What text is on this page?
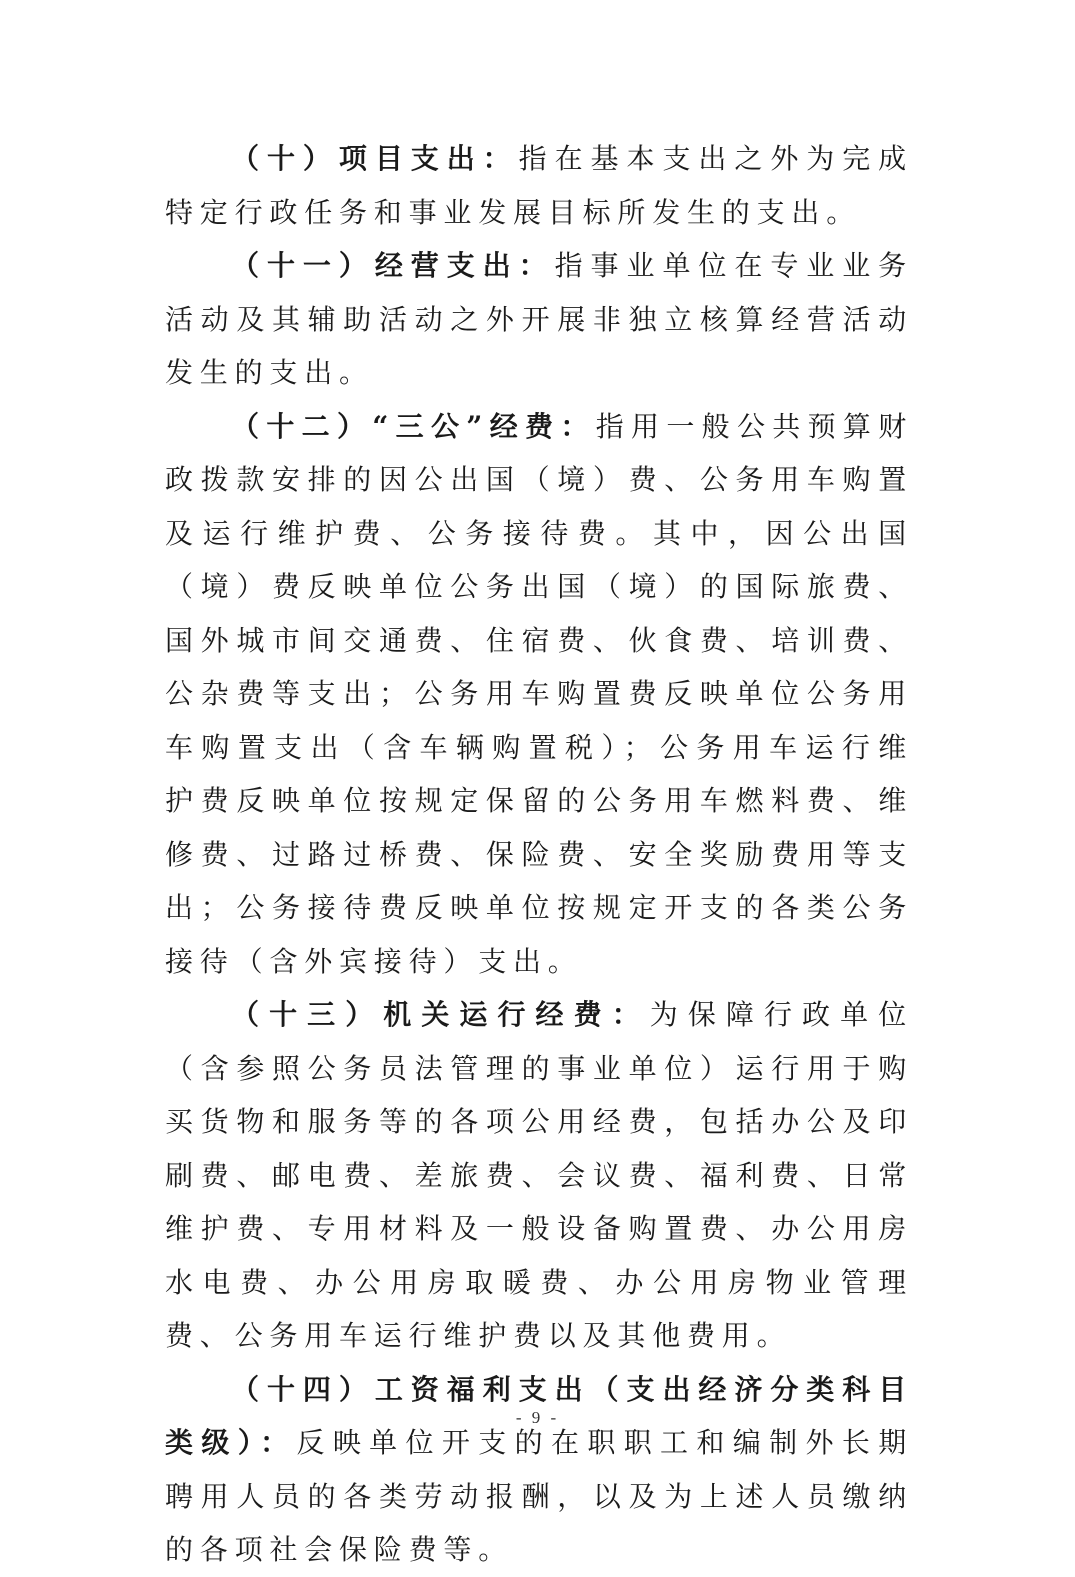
（十）项目支出：指在基本支出之外为完成特定行政任务和事业发展目标所发生的支出。

（十一）经营支出：指事业单位在专业业务活动及其辅助活动之外开展非独立核算经营活动发生的支出。

（十二）“三公”经费：指用一般公共预算财政拨款安排的因公出国（境）费、公务用车购置及运行维护费、公务接待费。其中，因公出国（境）费反映单位公务出国（境）的国际旅费、国外城市间交通费、住宿费、伙食费、培训费、公杂费等支出；公务用车购置费反映单位公务用车购置支出（含车辆购置税）；公务用车运行维护费反映单位按规定保留的公务用车燃料费、维修费、过路过桥费、保险费、安全奖励费用等支出；公务接待费反映单位按规定开支的各类公务接待（含外宾接待）支出。

（十三）机关运行经费：为保障行政单位（含参照公务员法管理的事业单位）运行用于购买货物和服务等的各项公用经费，包括办公及印刷费、邮电费、差旅费、会议费、福利费、日常维护费、专用材料及一般设备购置费、办公用房水电费、办公用房取暖费、办公用房物业管理费、公务用车运行维护费以及其他费用。

（十四）工资福利支出（支出经济分类科目类级）：反映单位开支的在职职工和编制外长期聘用人员的各类劳动报酬，以及为上述人员缴纳的各项社会保险费等。

- 9 -
